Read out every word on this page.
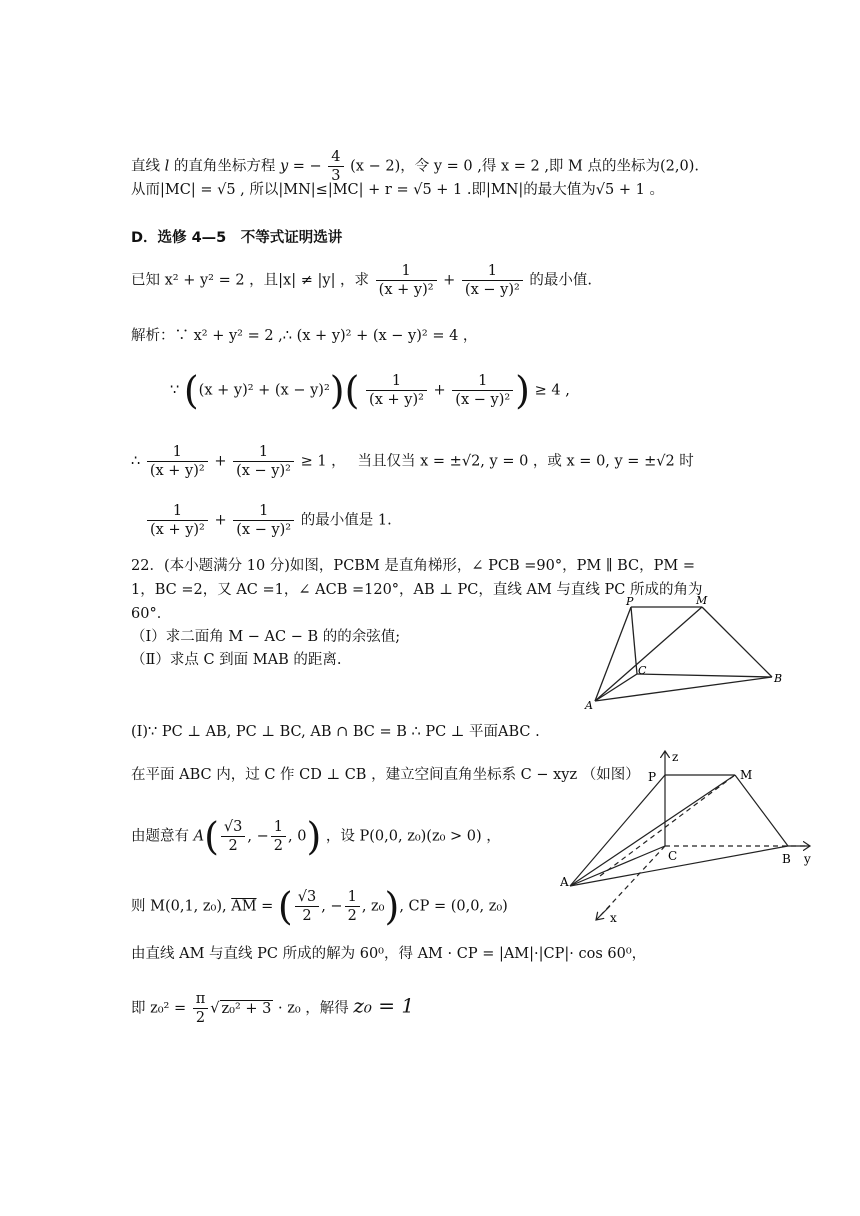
直线 l 的直角坐标方程 y = − $\frac{4}{3} (x - 2)$，令 y = 0 ,得 x = 2 ,即 M 点的坐标为(2,0).
从而|MC| = √5 , 所以|MN|≤|MC| + r = √5 + 1 .即|MN|的最大值为√5 + 1 。
D．选修 4—5　不等式证明选讲
已知 x² + y² = 2 ，且|x| ≠ |y| ，求 $\frac{1}{\text{(x + y)²}} + \frac{1}{\text{(x − y)²}}$ 的最小值.
解析：∵ x² + y² = 2 ,∴ (x + y)² + (x − y)² = 4 ，
∵ $((x + y)^2 + (x - y)^2)( \frac{1}{\text{(x + y)²}} + \frac{1}{\text{(x − y)²}}$ ) ≥ 4 ,
∴ $\frac{1}{\text{(x + y)²}} + \frac{1}{\text{(x − y)²}} \ge 1$ ，　 当且仅当 x = ±√2, y = 0 ，或 x = 0, y = ±√2 时
$\frac{1}{\text{(x + y)²}} + \frac{1}{\text{(x − y)²}}$ 的最小值是 1.
22．(本小题满分 10 分)如图，PCBM 是直角梯形，∠ PCB =90°，PM ∥ BC，PM =
1，BC =2，又 AC =1，∠ ACB =120°，AB ⊥ PC，直线 AM 与直线 PC 所成的角为
60°．
（Ⅰ）求二面角 M − AC − B 的的余弦值;
（Ⅱ）求点 C 到面 MAB 的距离.
P	M
C
B
A
(Ⅰ)∵ PC ⊥ AB, PC ⊥ BC, AB ∩ BC = B ∴ PC ⊥ 平面ABC .
在平面 ABC 内，过 C 作 CD ⊥ CB ，建立空间直角坐标系 C − xyz （如图）
由题意有 $A( \frac{√3}{2}$ , − $\frac{1}{2}$ , 0) ，设 P(0,0, z₀)(z₀ > 0) ，
则 M(0,1, z₀), $\overline{AM}$ = ( $\frac{√3}{2}$ , − $\frac{1}{2}$ , z₀), CP = (0,0, z₀)
由直线 AM 与直线 PC 所成的解为 60⁰，得 AM · CP = |AM|·|CP|· cos 60⁰，
即 $z_0^2 = \frac{\pi}{2}$ √ z₀² + 3 · z₀ ，解得 z₀ = 1
z
P	M
C	B y
A
x
